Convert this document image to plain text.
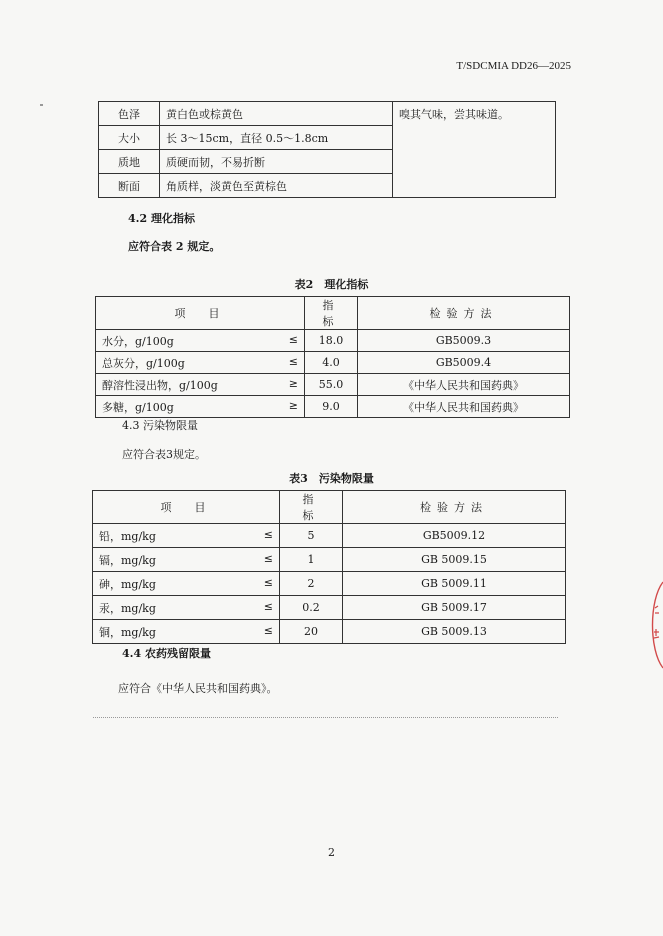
T/SDCMIA DD26—2025
色泽	黄白色或棕黄色	嗅其气味，尝其味道。
大小	长 3～15cm，直径 0.5～1.8cm	
质地	质硬而韧，不易折断	
断面	角质样，淡黄色至黄棕色	
4.2 理化指标
应符合表 2 规定。
表2　理化指标
项　目	指　标	检验方法

水分，g/100g ≤	18.0	GB5009.3

总灰分，g/100g ≤	4.0	GB5009.4

醇溶性浸出物，g/100g ≥	55.0	《中华人民共和国药典》

多糖，g/100g ≥	9.0	《中华人民共和国药典》
4.3 污染物限量
应符合表3规定。
表3　污染物限量
项　目	指　标	检验方法

铅，mg/kg ≤	5	GB5009.12

镉，mg/kg ≤	1	GB 5009.15

砷，mg/kg ≤	2	GB 5009.11

汞，mg/kg ≤	0.2	GB 5009.17

铜，mg/kg ≤	20	GB 5009.13
4.4 农药残留限量
应符合《中华人民共和国药典》。
2
